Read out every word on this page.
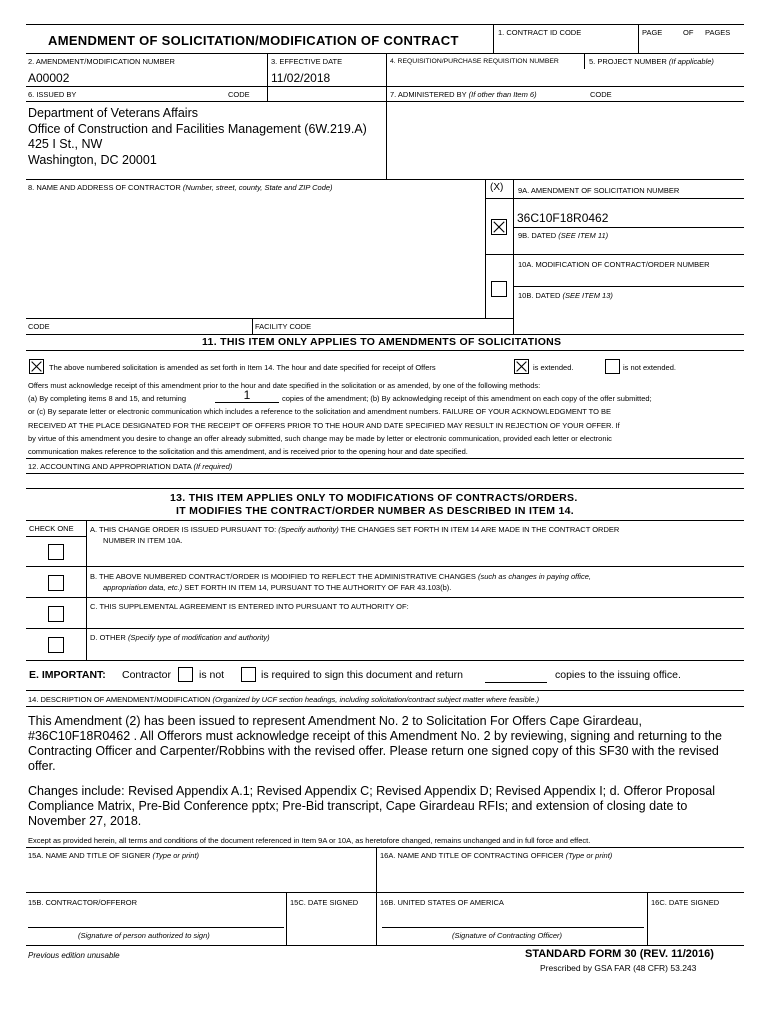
AMENDMENT OF SOLICITATION/MODIFICATION OF CONTRACT
1. CONTRACT ID CODE	PAGE	OF PAGES
2. AMENDMENT/MODIFICATION NUMBER
A00002
3. EFFECTIVE DATE
11/02/2018
4. REQUISITION/PURCHASE REQUISITION NUMBER	5. PROJECT NUMBER (If applicable)
6. ISSUED BY	CODE	7. ADMINISTERED BY (If other than Item 6)	CODE
Department of Veterans Affairs
Office of Construction and Facilities Management (6W.219.A)
425 I St., NW
Washington, DC 20001
8. NAME AND ADDRESS OF CONTRACTOR (Number, street, county, State and ZIP Code)	(X) 9A. AMENDMENT OF SOLICITATION NUMBER
36C10F18R0462
9B. DATED (SEE ITEM 11)
10A. MODIFICATION OF CONTRACT/ORDER NUMBER
10B. DATED (SEE ITEM 13)
CODE	FACILITY CODE
11. THIS ITEM ONLY APPLIES TO AMENDMENTS OF SOLICITATIONS
The above numbered solicitation is amended as set forth in Item 14. The hour and date specified for receipt of Offers	is extended.	is not extended.
Offers must acknowledge receipt of this amendment prior to the hour and date specified in the solicitation or as amended, by one of the following methods:
(a) By completing items 8 and 15, and returning	1	copies of the amendment; (b) By acknowledging receipt of this amendment on each copy of the offer submitted;
or (c) By separate letter or electronic communication which includes a reference to the solicitation and amendment numbers. FAILURE OF YOUR ACKNOWLEDGMENT TO BE
RECEIVED AT THE PLACE DESIGNATED FOR THE RECEIPT OF OFFERS PRIOR TO THE HOUR AND DATE SPECIFIED MAY RESULT IN REJECTION OF YOUR OFFER. If
by virtue of this amendment you desire to change an offer already submitted, such change may be made by letter or electronic communication, provided each letter or electronic
communication makes reference to the solicitation and this amendment, and is received prior to the opening hour and date specified.
12. ACCOUNTING AND APPROPRIATION DATA (If required)
13. THIS ITEM APPLIES ONLY TO MODIFICATIONS OF CONTRACTS/ORDERS.
IT MODIFIES THE CONTRACT/ORDER NUMBER AS DESCRIBED IN ITEM 14.
CHECK ONE A. THIS CHANGE ORDER IS ISSUED PURSUANT TO: (Specify authority) THE CHANGES SET FORTH IN ITEM 14 ARE MADE IN THE CONTRACT ORDER
NUMBER IN ITEM 10A.
B. THE ABOVE NUMBERED CONTRACT/ORDER IS MODIFIED TO REFLECT THE ADMINISTRATIVE CHANGES (such as changes in paying office,
appropriation data, etc.) SET FORTH IN ITEM 14, PURSUANT TO THE AUTHORITY OF FAR 43.103(b).
C. THIS SUPPLEMENTAL AGREEMENT IS ENTERED INTO PURSUANT TO AUTHORITY OF:
D. OTHER (Specify type of modification and authority)
E. IMPORTANT: Contractor	is not	is required to sign this document and return	copies to the issuing office.
14. DESCRIPTION OF AMENDMENT/MODIFICATION (Organized by UCF section headings, including solicitation/contract subject matter where feasible.)
This Amendment (2) has been issued to represent Amendment No. 2 to Solicitation For Offers Cape Girardeau, #36C10F18R0462 . All Offerors must acknowledge receipt of this Amendment No. 2 by reviewing, signing and returning to the Contracting Officer and Carpenter/Robbins with the revised offer. Please return one signed copy of this SF30 with the revised offer.
Changes include: Revised Appendix A.1; Revised Appendix C; Revised Appendix D; Revised Appendix I; d. Offeror Proposal Compliance Matrix, Pre-Bid Conference pptx; Pre-Bid transcript, Cape Girardeau RFIs; and extension of closing date to November 27, 2018.
Except as provided herein, all terms and conditions of the document referenced in Item 9A or 10A, as heretofore changed, remains unchanged and in full force and effect.
15A. NAME AND TITLE OF SIGNER (Type or print)	16A. NAME AND TITLE OF CONTRACTING OFFICER (Type or print)
15B. CONTRACTOR/OFFEROR	15C. DATE SIGNED	16B. UNITED STATES OF AMERICA	16C. DATE SIGNED
(Signature of person authorized to sign)	(Signature of Contracting Officer)
Previous edition unusable	STANDARD FORM 30 (REV. 11/2016)
Prescribed by GSA FAR (48 CFR) 53.243
